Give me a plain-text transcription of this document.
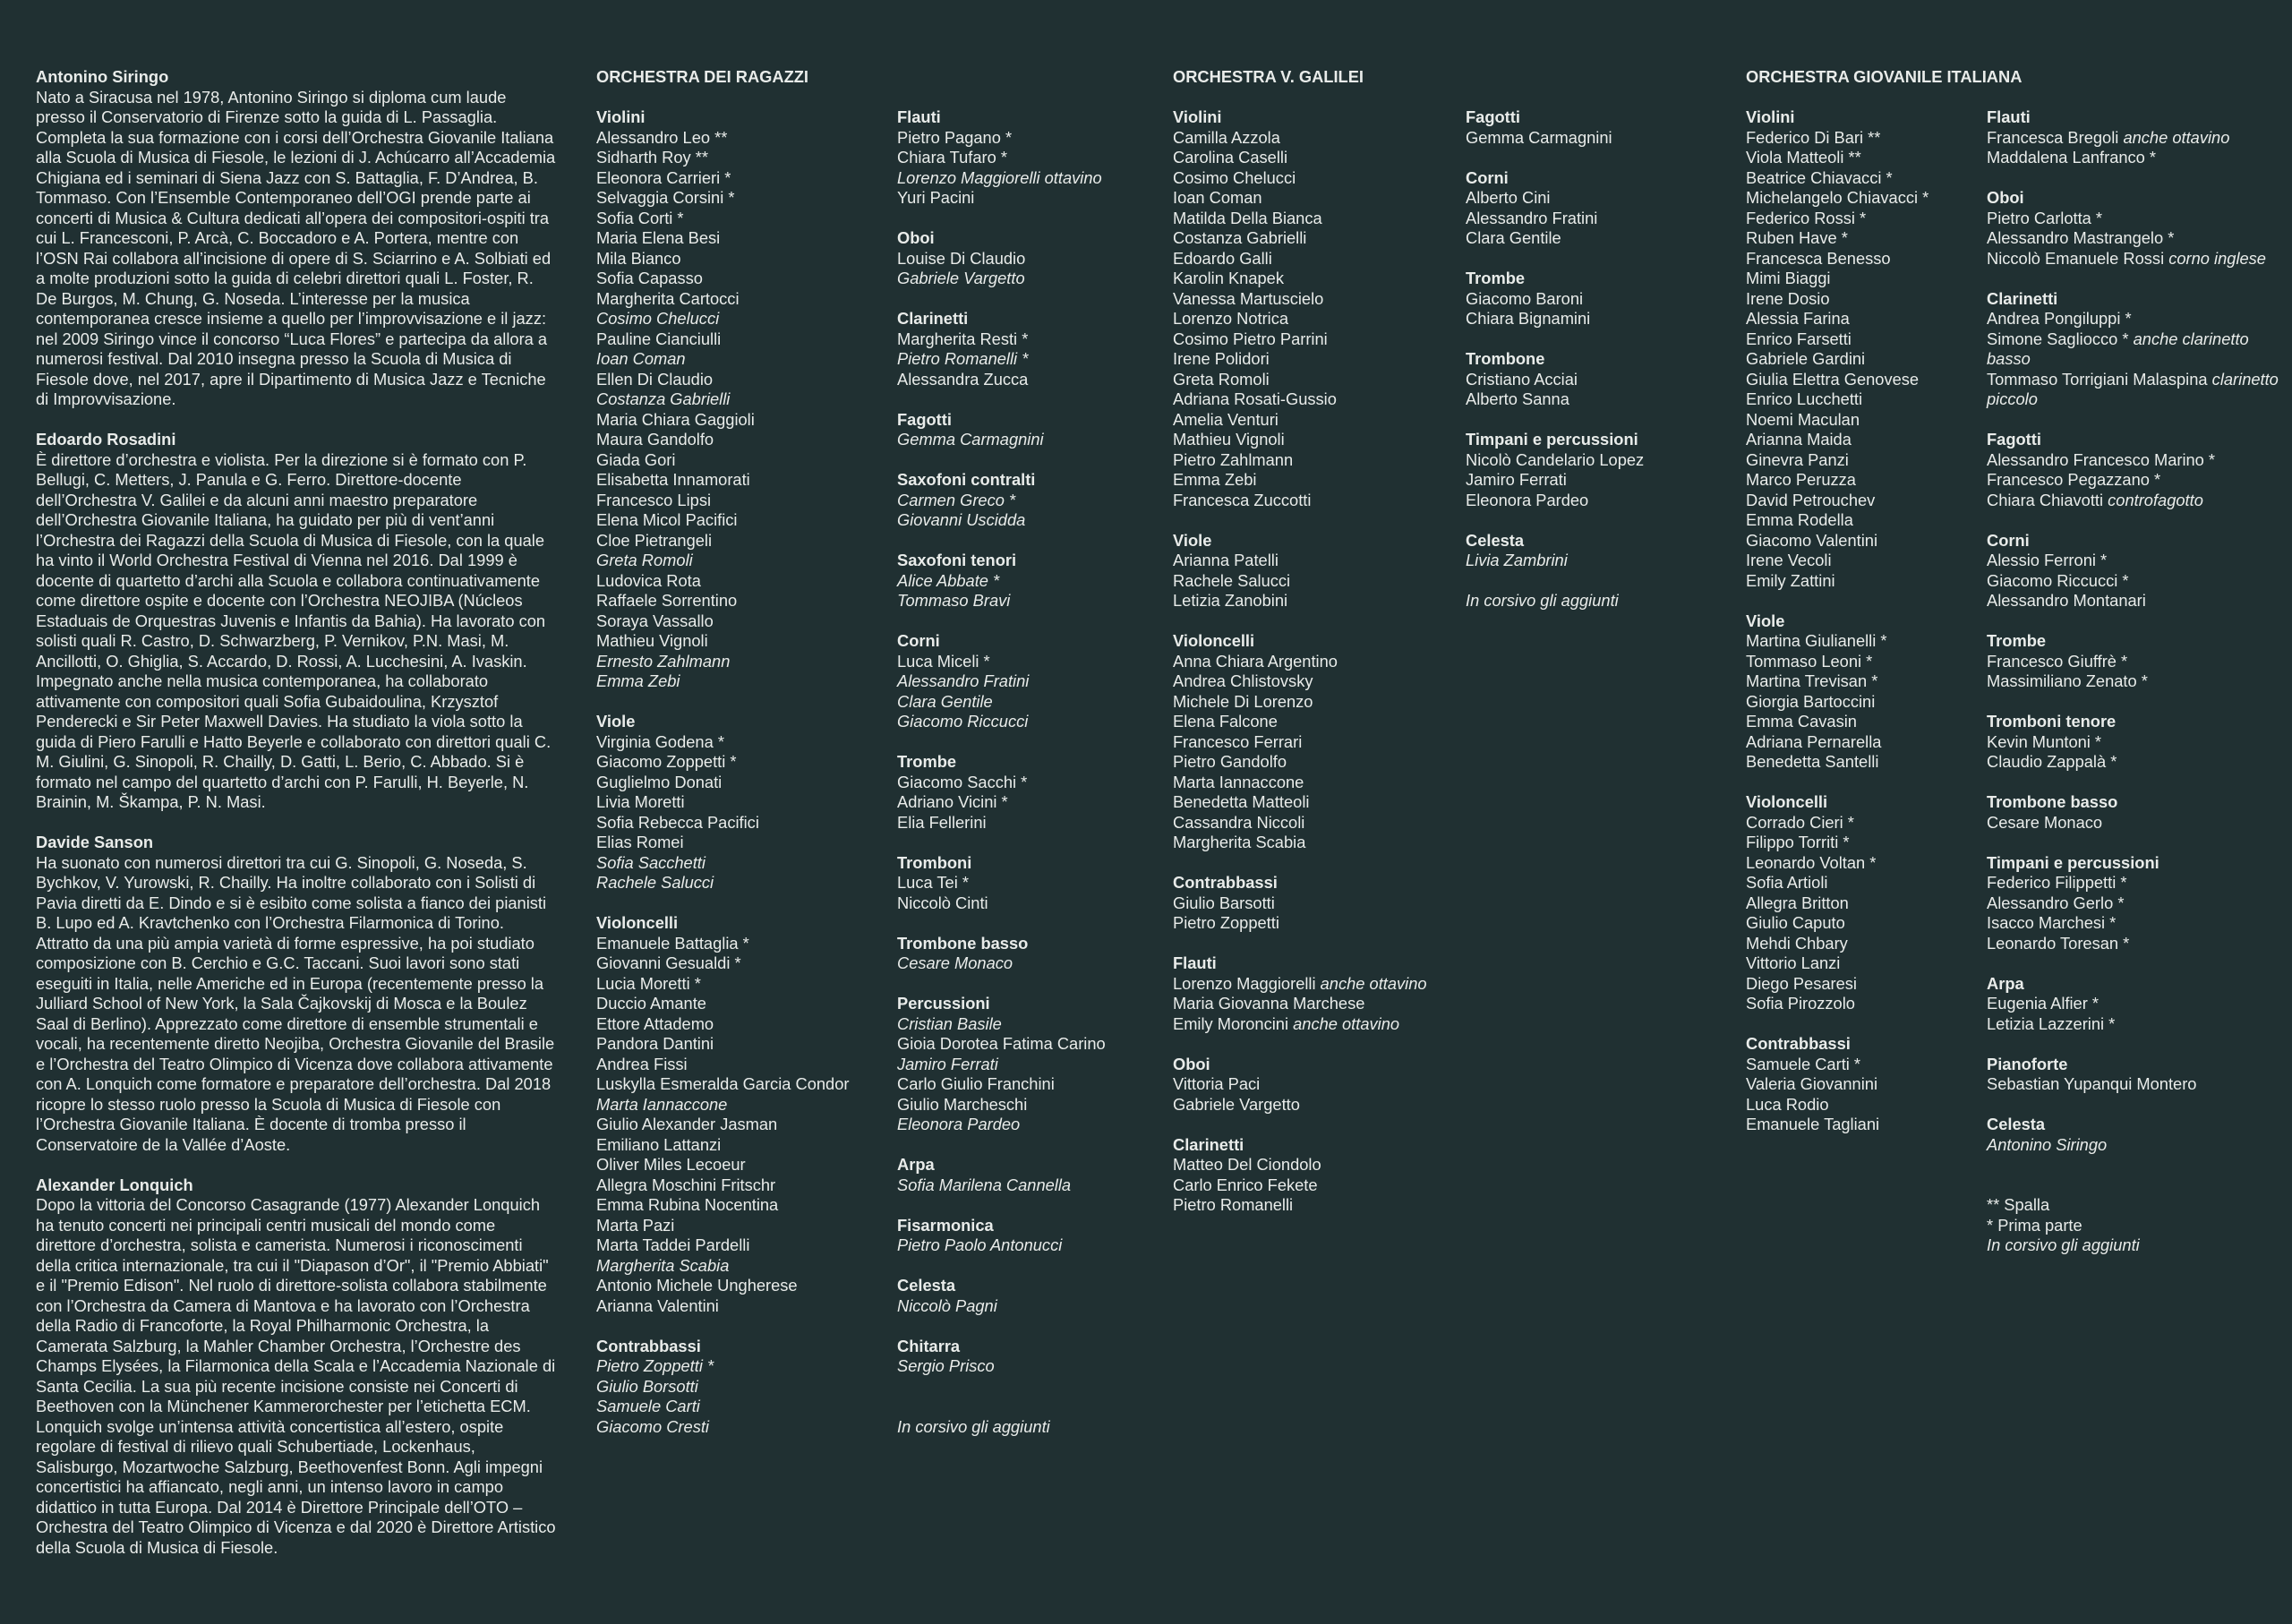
Antonino Siringo

Nato a Siracusa nel 1978, Antonino Siringo si diploma cum laude presso il Conservatorio di Firenze sotto la guida di L. Passaglia. Completa la sua formazione con i corsi dell’Orchestra Giovanile Italiana alla Scuola di Musica di Fiesole, le lezioni di J. Achúcarro all’Accademia Chigiana ed i seminari di Siena Jazz con S. Battaglia, F. D’Andrea, B. Tommaso. Con l’Ensemble Contemporaneo dell’OGI prende parte ai concerti di Musica & Cultura dedicati all’opera dei compositori-ospiti tra cui L. Francesconi, P. Arcà, C. Boccadoro e A. Portera, mentre con l’OSN Rai collabora all’incisione di opere di S. Sciarrino e A. Solbiati ed a molte produzioni sotto la guida di celebri direttori quali L. Foster, R. De Burgos, M. Chung, G. Noseda. L’interesse per la musica contemporanea cresce insieme a quello per l’improvvisazione e il jazz: nel 2009 Siringo vince il concorso “Luca Flores” e partecipa da allora a numerosi festival. Dal 2010 insegna presso la Scuola di Musica di Fiesole dove, nel 2017, apre il Dipartimento di Musica Jazz e Tecniche di Improvvisazione.

Edoardo Rosadini

È direttore d’orchestra e violista. Per la direzione si è formato con P. Bellugi, C. Metters, J. Panula e G. Ferro. Direttore-docente dell’Orchestra V. Galilei e da alcuni anni maestro preparatore dell’Orchestra Giovanile Italiana, ha guidato per più di vent’anni l’Orchestra dei Ragazzi della Scuola di Musica di Fiesole, con la quale ha vinto il World Orchestra Festival di Vienna nel 2016. Dal 1999 è docente di quartetto d’archi alla Scuola e collabora continuativamente come direttore ospite e docente con l’Orchestra NEOJIBA (Núcleos Estaduais de Orquestras Juvenis e Infantis da Bahia). Ha lavorato con solisti quali R. Castro, D. Schwarzberg, P. Vernikov, P.N. Masi, M. Ancillotti, O. Ghiglia, S. Accardo, D. Rossi, A. Lucchesini, A. Ivaskin. Impegnato anche nella musica contemporanea, ha collaborato attivamente con compositori quali Sofia Gubaidoulina, Krzysztof Penderecki e Sir Peter Maxwell Davies. Ha studiato la viola sotto la guida di Piero Farulli e Hatto Beyerle e collaborato con direttori quali C. M. Giulini, G. Sinopoli, R. Chailly, D. Gatti, L. Berio, C. Abbado. Si è formato nel campo del quartetto d’archi con P. Farulli, H. Beyerle, N. Brainin, M. Škampa, P. N. Masi.

Davide Sanson

Ha suonato con numerosi direttori tra cui G. Sinopoli, G. Noseda, S. Bychkov, V. Yurowski, R. Chailly. Ha inoltre collaborato con i Solisti di Pavia diretti da E. Dindo e si è esibito come solista a fianco dei pianisti B. Lupo ed A. Kravtchenko con l’Orchestra Filarmonica di Torino. Attratto da una più ampia varietà di forme espressive, ha poi studiato composizione con B. Cerchio e G.C. Taccani. Suoi lavori sono stati eseguiti in Italia, nelle Americhe ed in Europa (recentemente presso la Julliard School of New York, la Sala Čajkovskij di Mosca e la Boulez Saal di Berlino). Apprezzato come direttore di ensemble strumentali e vocali, ha recentemente diretto Neojiba, Orchestra Giovanile del Brasile e l’Orchestra del Teatro Olimpico di Vicenza dove collabora attivamente con A. Lonquich come formatore e preparatore dell’orchestra. Dal 2018 ricopre lo stesso ruolo presso la Scuola di Musica di Fiesole con l’Orchestra Giovanile Italiana. È docente di tromba presso il Conservatoire de la Vallée d’Aoste.

Alexander Lonquich

Dopo la vittoria del Concorso Casagrande (1977) Alexander Lonquich ha tenuto concerti nei principali centri musicali del mondo come direttore d’orchestra, solista e camerista. Numerosi i riconoscimenti della critica internazionale, tra cui il "Diapason d’Or", il "Premio Abbiati" e il "Premio Edison". Nel ruolo di direttore-solista collabora stabilmente con l’Orchestra da Camera di Mantova e ha lavorato con l’Orchestra della Radio di Francoforte, la Royal Philharmonic Orchestra, la Camerata Salzburg, la Mahler Chamber Orchestra, l’Orchestre des Champs Elysées, la Filarmonica della Scala e l’Accademia Nazionale di Santa Cecilia. La sua più recente incisione consiste nei Concerti di Beethoven con la Münchener Kammerorchester per l’etichetta ECM. Lonquich svolge un’intensa attività concertistica all’estero, ospite regolare di festival di rilievo quali Schubertiade, Lockenhaus, Salisburgo, Mozartwoche Salzburg, Beethovenfest Bonn. Agli impegni concertistici ha affiancato, negli anni, un intenso lavoro in campo didattico in tutta Europa. Dal 2014 è Direttore Principale dell’OTO – Orchestra del Teatro Olimpico di Vicenza e dal 2020 è Direttore Artistico della Scuola di Musica di Fiesole.

ORCHESTRA DEI RAGAZZI
Violini
Alessandro Leo **
Sidharth Roy **
Eleonora Carrieri *
Selvaggia Corsini *
Sofia Corti *
Maria Elena Besi
Mila Bianco
Sofia Capasso
Margherita Cartocci
Cosimo Chelucci
Pauline Cianciulli
Ioan Coman
Ellen Di Claudio
Costanza Gabrielli
Maria Chiara Gaggioli
Maura Gandolfo
Giada Gori
Elisabetta Innamorati
Francesco Lipsi
Elena Micol Pacifici
Cloe Pietrangeli
Greta Romoli
Ludovica Rota
Raffaele Sorrentino
Soraya Vassallo
Mathieu Vignoli
Ernesto Zahlmann
Emma Zebi
Viole
Virginia Godena *
Giacomo Zoppetti *
Guglielmo Donati
Livia Moretti
Sofia Rebecca Pacifici
Elias Romei
Sofia Sacchetti
Rachele Salucci
Violoncelli
Emanuele Battaglia *
Giovanni Gesualdi *
Lucia Moretti *
Duccio Amante
Ettore Attademo
Pandora Dantini
Andrea Fissi
Luskylla Esmeralda Garcia Condor
Marta Iannaccone
Giulio Alexander Jasman
Emiliano Lattanzi
Oliver Miles Lecoeur
Allegra Moschini Fritschr
Emma Rubina Nocentina
Marta Pazi
Marta Taddei Pardelli
Margherita Scabia
Antonio Michele Ungherese
Arianna Valentini
Contrabbassi
Pietro Zoppetti *
Giulio Borsotti
Samuele Carti
Giacomo Cresti
Flauti
Pietro Pagano *
Chiara Tufaro *
Lorenzo Maggiorelli ottavino
Yuri Pacini
Oboi
Louise Di Claudio
Gabriele Vargetto
Clarinetti
Margherita Resti *
Pietro Romanelli *
Alessandra Zucca
Fagotti
Gemma Carmagnini
Saxofoni contralti
Carmen Greco *
Giovanni Uscidda
Saxofoni tenori
Alice Abbate *
Tommaso Bravi
Corni
Luca Miceli *
Alessandro Fratini
Clara Gentile
Giacomo Riccucci
Trombe
Giacomo Sacchi *
Adriano Vicini *
Elia Fellerini
Tromboni
Luca Tei *
Niccolò Cinti
Trombone basso
Cesare Monaco
Percussioni
Cristian Basile
Gioia Dorotea Fatima Carino
Jamiro Ferrati
Carlo Giulio Franchini
Giulio Marcheschi
Eleonora Pardeo
Arpa
Sofia Marilena Cannella
Fisarmonica
Pietro Paolo Antonucci
Celesta
Niccolò Pagni
Chitarra
Sergio Prisco
In corsivo gli aggiunti
ORCHESTRA V. GALILEI
Violini
Camilla Azzola
Carolina Caselli
Cosimo Chelucci
Ioan Coman
Matilda Della Bianca
Costanza Gabrielli
Edoardo Galli
Karolin Knapek
Vanessa Martuscielo
Lorenzo Notrica
Cosimo Pietro Parrini
Irene Polidori
Greta Romoli
Adriana Rosati-Gussio
Amelia Venturi
Mathieu Vignoli
Pietro Zahlmann
Emma Zebi
Francesca Zuccotti
Viole
Arianna Patelli
Rachele Salucci
Letizia Zanobini
Violoncelli
Anna Chiara Argentino
Andrea Chlistovsky
Michele Di Lorenzo
Elena Falcone
Francesco Ferrari
Pietro Gandolfo
Marta Iannaccone
Benedetta Matteoli
Cassandra Niccoli
Margherita Scabia
Contrabbassi
Giulio Barsotti
Pietro Zoppetti
Flauti
Lorenzo Maggiorelli anche ottavino
Maria Giovanna Marchese
Emily Moroncini anche ottavino
Oboi
Vittoria Paci
Gabriele Vargetto
Clarinetti
Matteo Del Ciondolo
Carlo Enrico Fekete
Pietro Romanelli
Fagotti
Gemma Carmagnini
Corni
Alberto Cini
Alessandro Fratini
Clara Gentile
Trombe
Giacomo Baroni
Chiara Bignamini
Trombone
Cristiano Acciai
Alberto Sanna
Timpani e percussioni
Nicolò Candelario Lopez
Jamiro Ferrati
Eleonora Pardeo
Celesta
Livia Zambrini
In corsivo gli aggiunti
ORCHESTRA GIOVANILE ITALIANA
Violini
Federico Di Bari **
Viola Matteoli **
Beatrice Chiavacci *
Michelangelo Chiavacci *
Federico Rossi *
Ruben Have *
Francesca Benesso
Mimi Biaggi
Irene Dosio
Alessia Farina
Enrico Farsetti
Gabriele Gardini
Giulia Elettra Genovese
Enrico Lucchetti
Noemi Maculan
Arianna Maida
Ginevra Panzi
Marco Peruzza
David Petrouchev
Emma Rodella
Giacomo Valentini
Irene Vecoli
Emily Zattini
Viole
Martina Giulianelli *
Tommaso Leoni *
Martina Trevisan *
Giorgia Bartoccini
Emma Cavasin
Adriana Pernarella
Benedetta Santelli
Violoncelli
Corrado Cieri *
Filippo Torriti *
Leonardo Voltan *
Sofia Artioli
Allegra Britton
Giulio Caputo
Mehdi Chbary
Vittorio Lanzi
Diego Pesaresi
Sofia Pirozzolo
Contrabbassi
Samuele Carti *
Valeria Giovannini
Luca Rodio
Emanuele Tagliani
Flauti
Francesca Bregoli anche ottavino
Maddalena Lanfranco *
Oboi
Pietro Carlotta *
Alessandro Mastrangelo *
Niccolò Emanuele Rossi corno inglese
Clarinetti
Andrea Pongiluppi *
Simone Sagliocco * anche clarinetto basso
Tommaso Torrigiani Malaspina clarinetto piccolo
Fagotti
Alessandro Francesco Marino *
Francesco Pegazzano *
Chiara Chiavotti controfagotto
Corni
Alessio Ferroni *
Giacomo Riccucci *
Alessandro Montanari
Trombe
Francesco Giuffrè *
Massimiliano Zenato *
Tromboni tenore
Kevin Muntoni *
Claudio Zappalà *
Trombone basso
Cesare Monaco
Timpani e percussioni
Federico Filippetti *
Alessandro Gerlo *
Isacco Marchesi *
Leonardo Toresan *
Arpa
Eugenia Alfier *
Letizia Lazzerini *
Pianoforte
Sebastian Yupanqui Montero
Celesta
Antonino Siringo
** Spalla
* Prima parte
In corsivo gli aggiunti
